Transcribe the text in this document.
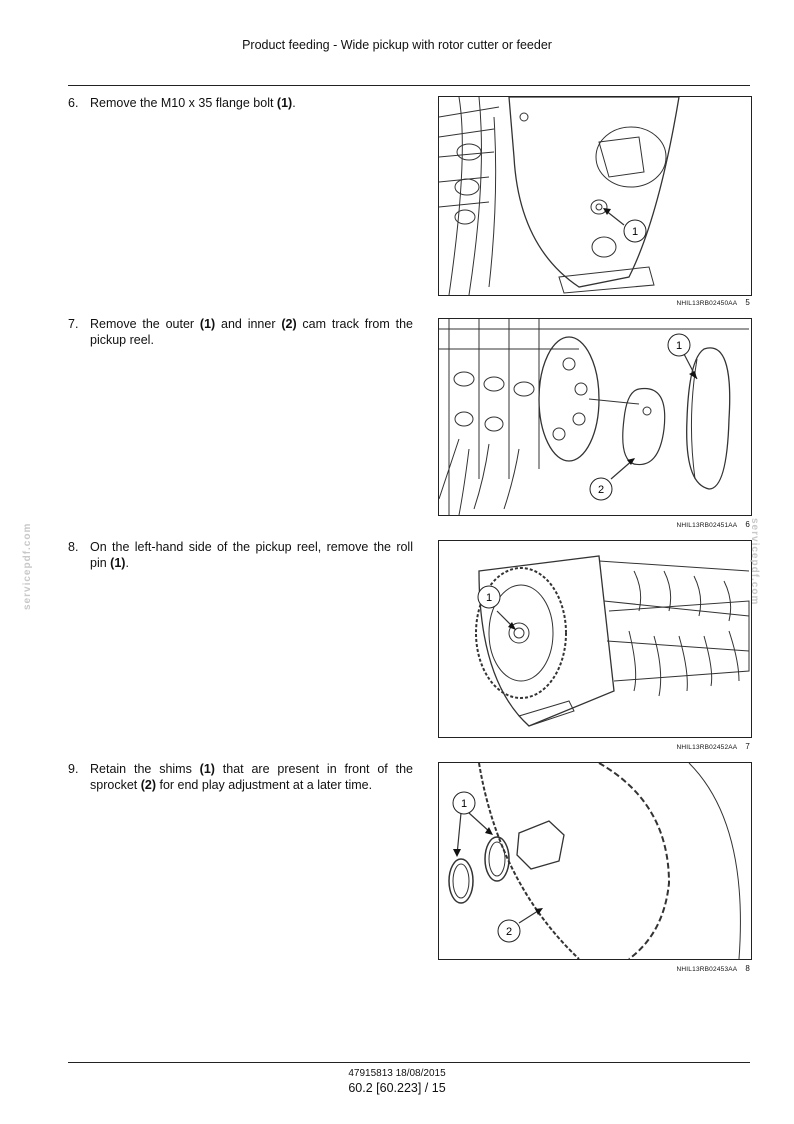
Product feeding - Wide pickup with rotor cutter or feeder
6. Remove the M10 x 35 flange bolt (1).
1
NHIL13RB02450AA 5
7. Remove the outer (1) and inner (2) cam track from the pickup reel.	1
2
NHIL13RB02451AA 6
8. On the left-hand side of the pickup reel, remove the roll pin (1).
1
NHIL13RB02452AA 7
9. Retain the shims (1) that are present in front of the sprocket (2) for end play adjustment at a later time.
1
2
NHIL13RB02453AA 8
47915813 18/08/2015
60.2 [60.223] / 15
servicepdf.com	servicepdf.com
